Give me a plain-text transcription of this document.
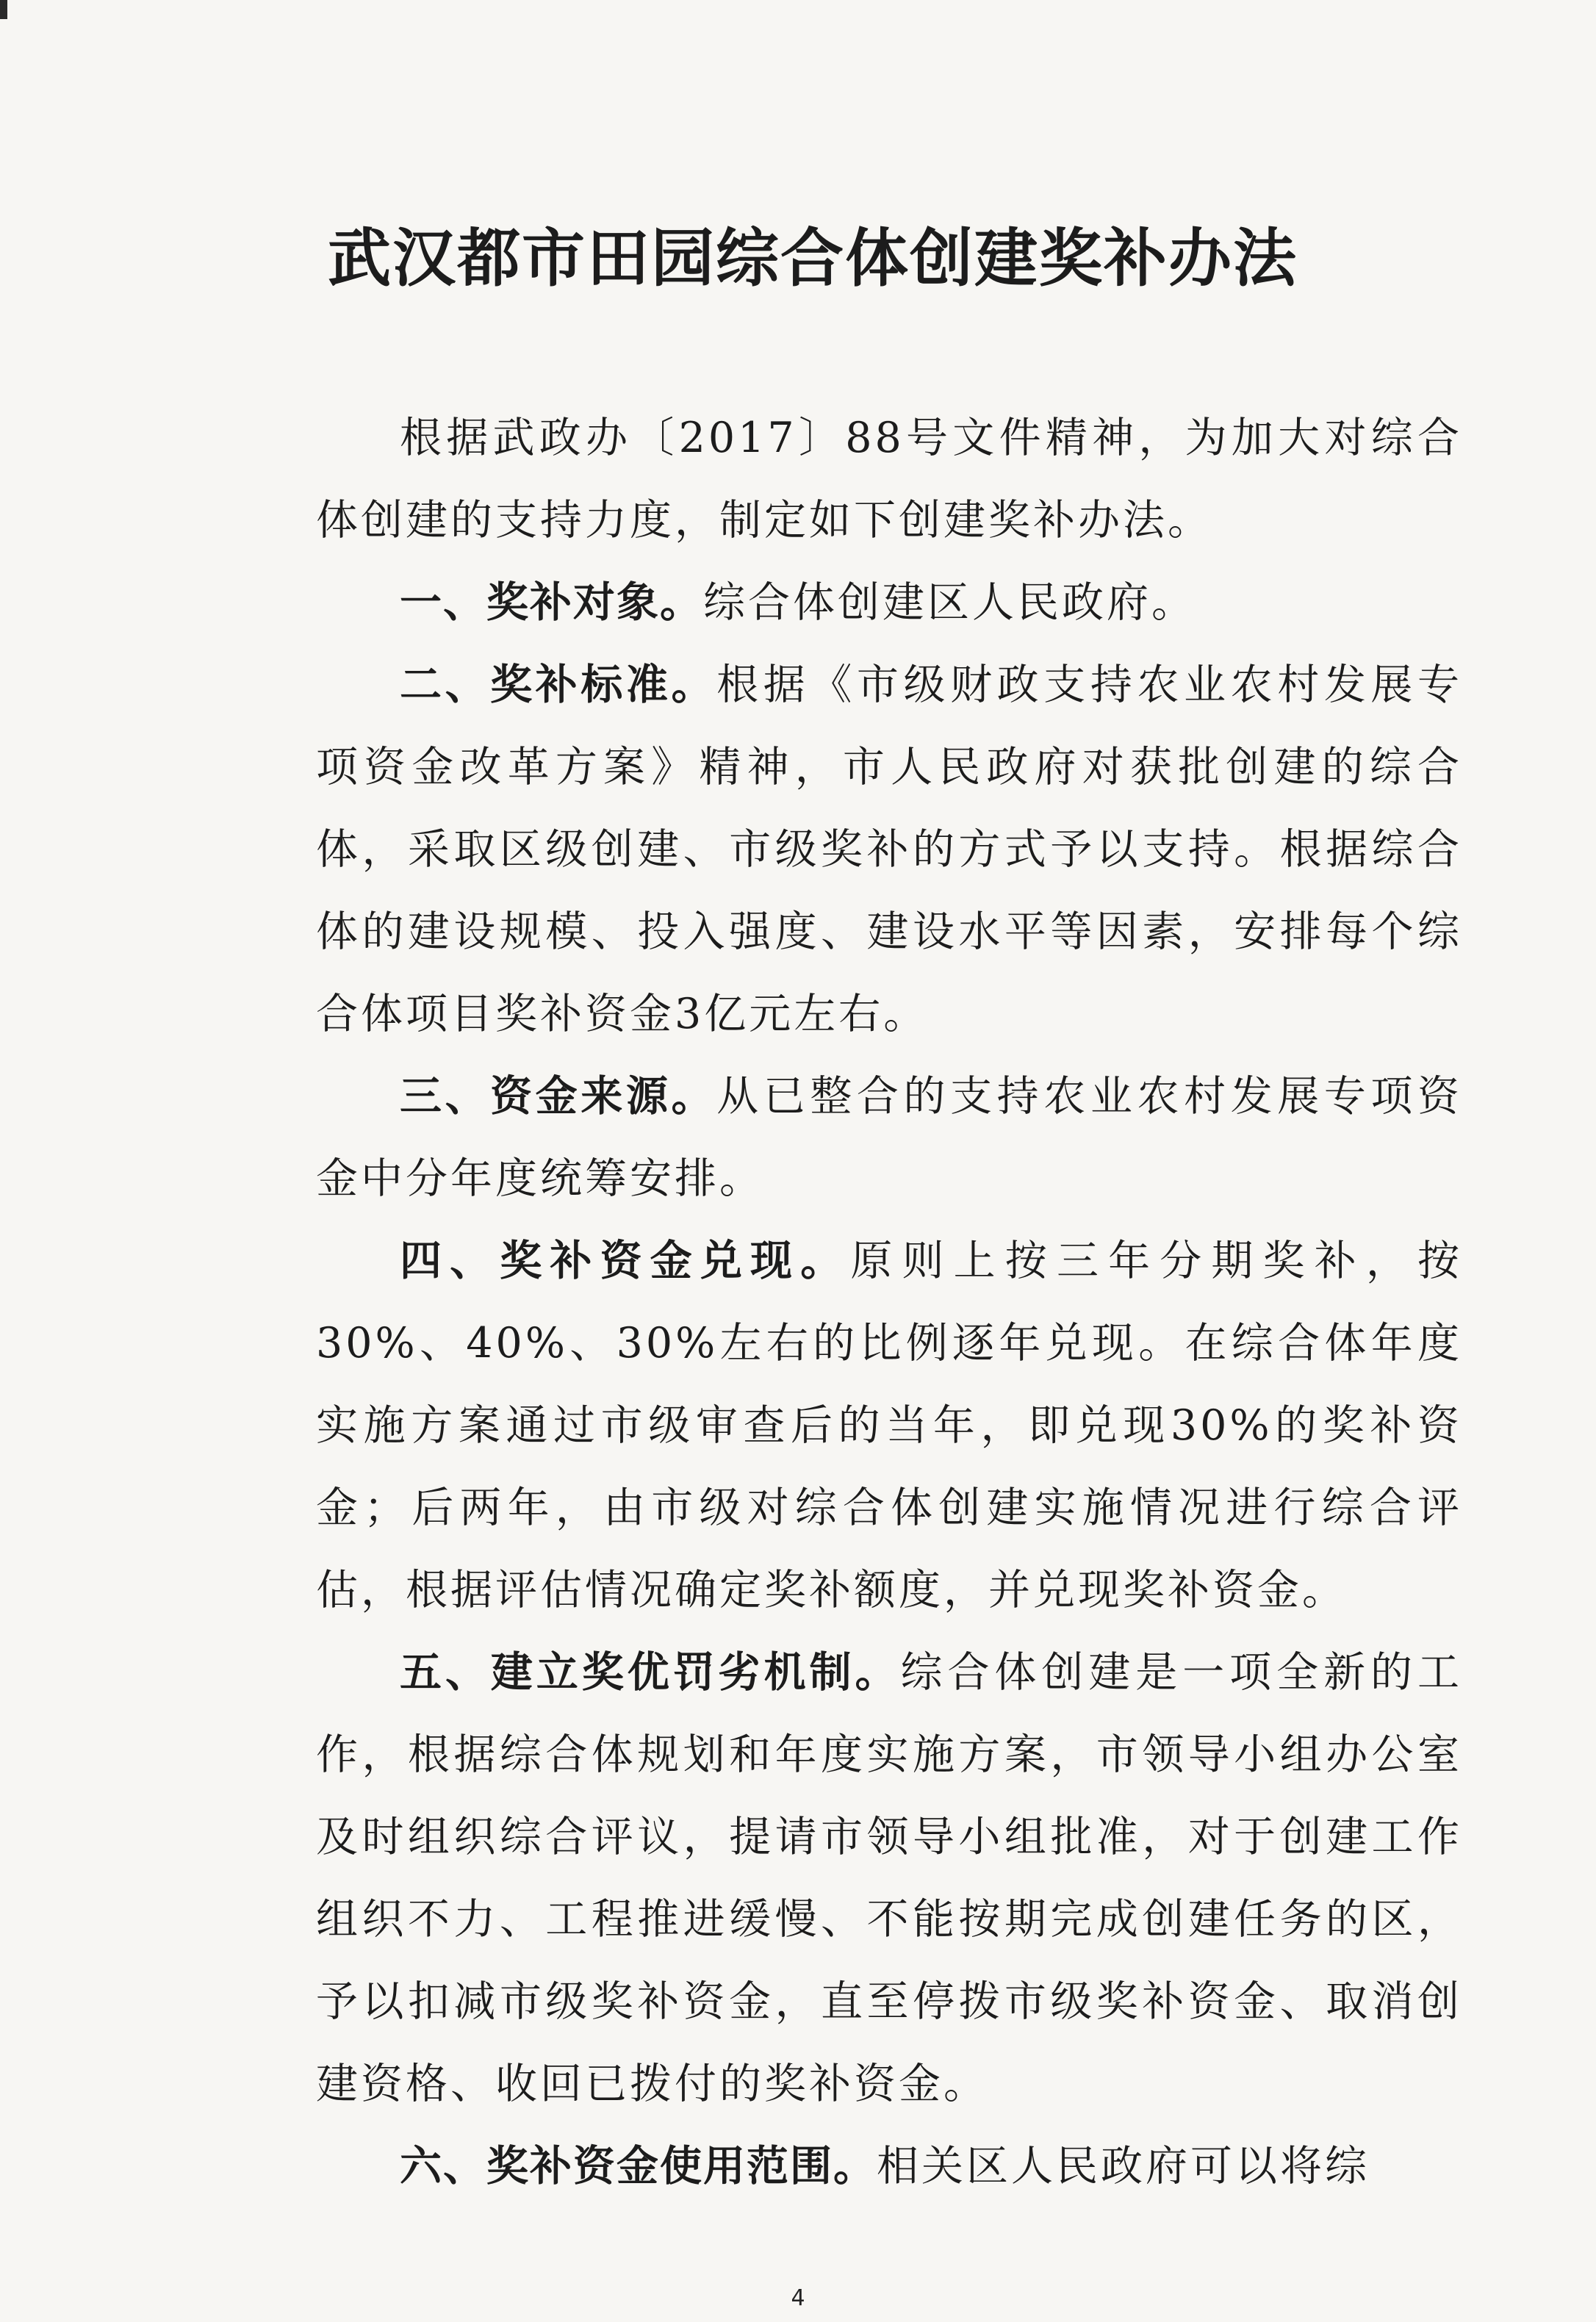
武汉都市田园综合体创建奖补办法

根据武政办〔2017〕88号文件精神，为加大对综合体创建的支持力度，制定如下创建奖补办法。

一、奖补对象。综合体创建区人民政府。

二、奖补标准。根据《市级财政支持农业农村发展专项资金改革方案》精神，市人民政府对获批创建的综合体，采取区级创建、市级奖补的方式予以支持。根据综合体的建设规模、投入强度、建设水平等因素，安排每个综合体项目奖补资金3亿元左右。

三、资金来源。从已整合的支持农业农村发展专项资金中分年度统筹安排。

四、奖补资金兑现。原则上按三年分期奖补，按30%、40%、30%左右的比例逐年兑现。在综合体年度实施方案通过市级审查后的当年，即兑现30%的奖补资金；后两年，由市级对综合体创建实施情况进行综合评估，根据评估情况确定奖补额度，并兑现奖补资金。

五、建立奖优罚劣机制。综合体创建是一项全新的工作，根据综合体规划和年度实施方案，市领导小组办公室及时组织综合评议，提请市领导小组批准，对于创建工作组织不力、工程推进缓慢、不能按期完成创建任务的区，予以扣减市级奖补资金，直至停拨市级奖补资金、取消创建资格、收回已拨付的奖补资金。

六、奖补资金使用范围。相关区人民政府可以将综

4
